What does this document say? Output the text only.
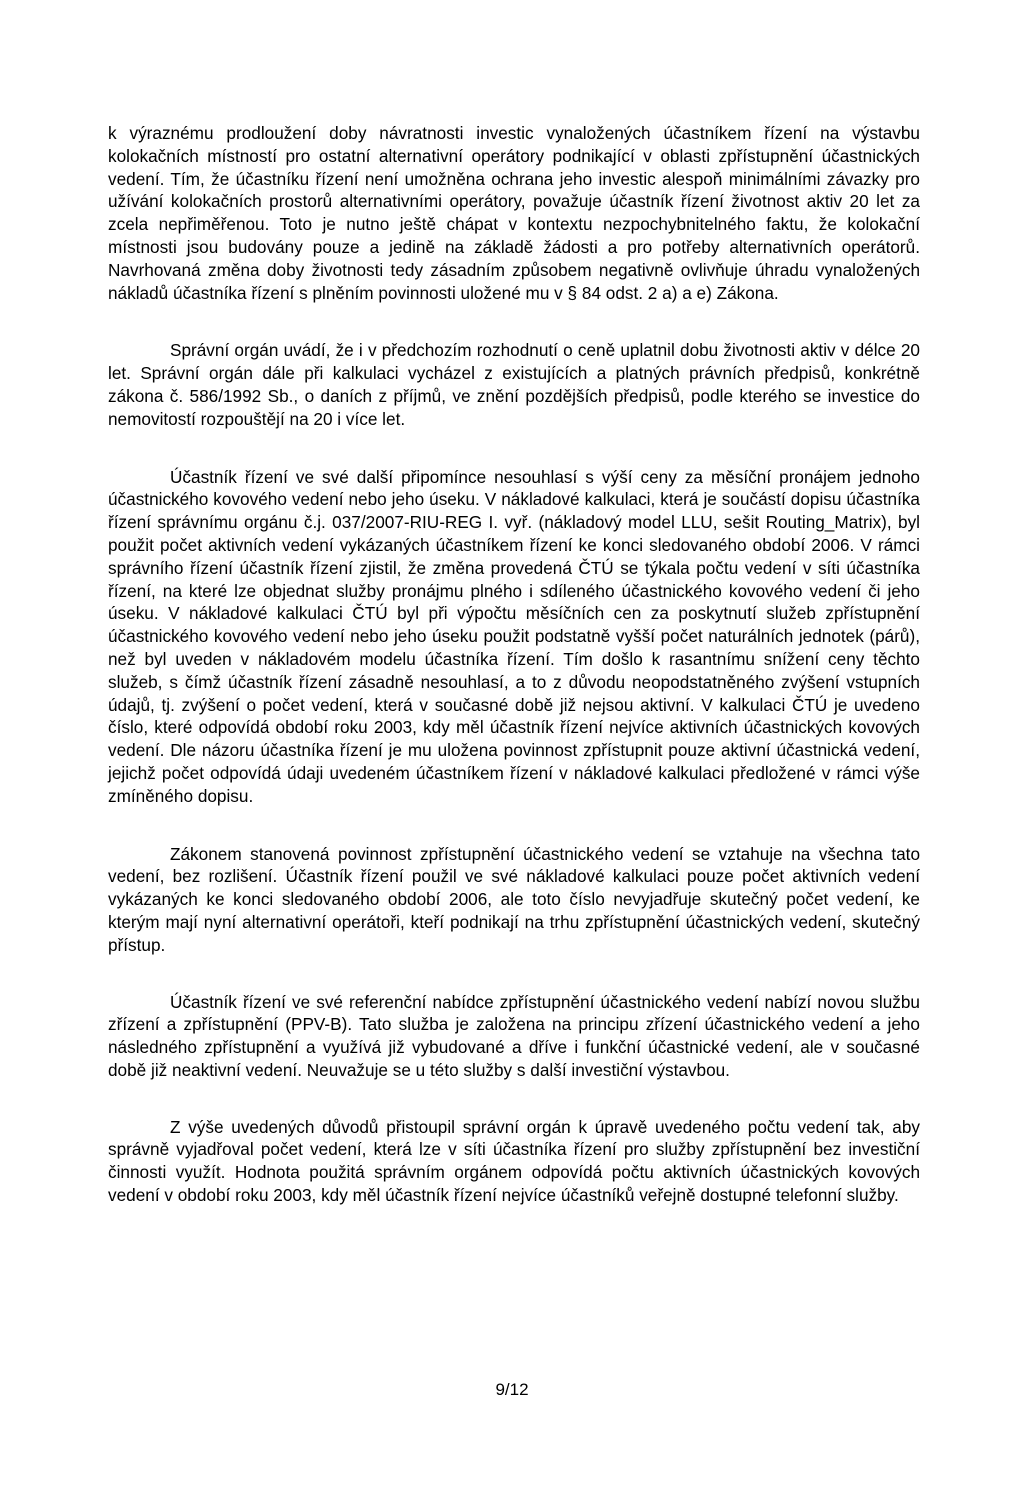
k výraznému prodloužení doby návratnosti investic vynaložených účastníkem řízení na výstavbu kolokačních místností pro ostatní alternativní operátory podnikající v oblasti zpřístupnění účastnických vedení. Tím, že účastníku řízení není umožněna ochrana jeho investic alespoň minimálními závazky pro užívání kolokačních prostorů alternativními operátory, považuje účastník řízení životnost aktiv 20 let za zcela nepřiměřenou. Toto je nutno ještě chápat v kontextu nezpochybnitelného faktu, že kolokační místnosti jsou budovány pouze a jedině na základě žádosti a pro potřeby alternativních operátorů. Navrhovaná změna doby životnosti tedy zásadním způsobem negativně ovlivňuje úhradu vynaložených nákladů účastníka řízení s plněním povinnosti uložené mu v § 84 odst. 2 a) a e) Zákona.

Správní orgán uvádí, že i v předchozím rozhodnutí o ceně uplatnil dobu životnosti aktiv v délce 20 let. Správní orgán dále při kalkulaci vycházel z existujících a platných právních předpisů, konkrétně zákona č. 586/1992 Sb., o daních z příjmů, ve znění pozdějších předpisů, podle kterého se investice do nemovitostí rozpouštějí na 20 i více let.

Účastník řízení ve své další připomínce nesouhlasí s výší ceny za měsíční pronájem jednoho účastnického kovového vedení nebo jeho úseku. V nákladové kalkulaci, která je součástí dopisu účastníka řízení správnímu orgánu č.j. 037/2007-RIU-REG I. vyř. (nákladový model LLU, sešit Routing_Matrix), byl použit počet aktivních vedení vykázaných účastníkem řízení ke konci sledovaného období 2006. V rámci správního řízení účastník řízení zjistil, že změna provedená ČTÚ se týkala počtu vedení v síti účastníka řízení, na které lze objednat služby pronájmu plného i sdíleného účastnického kovového vedení či jeho úseku. V nákladové kalkulaci ČTÚ byl při výpočtu měsíčních cen za poskytnutí služeb zpřístupnění účastnického kovového vedení nebo jeho úseku použit podstatně vyšší počet naturálních jednotek (párů), než byl uveden v nákladovém modelu účastníka řízení. Tím došlo k rasantnímu snížení ceny těchto služeb, s čímž účastník řízení zásadně nesouhlasí, a to z důvodu neopodstatněného zvýšení vstupních údajů, tj. zvýšení o počet vedení, která v současné době již nejsou aktivní. V kalkulaci ČTÚ je uvedeno číslo, které odpovídá období roku 2003, kdy měl účastník řízení nejvíce aktivních účastnických kovových vedení. Dle názoru účastníka řízení je mu uložena povinnost zpřístupnit pouze aktivní účastnická vedení, jejichž počet odpovídá údaji uvedeném účastníkem řízení v nákladové kalkulaci předložené v rámci výše zmíněného dopisu.

Zákonem stanovená povinnost zpřístupnění účastnického vedení se vztahuje na všechna tato vedení, bez rozlišení. Účastník řízení použil ve své nákladové kalkulaci pouze počet aktivních vedení vykázaných ke konci sledovaného období 2006, ale toto číslo nevyjadřuje skutečný počet vedení, ke kterým mají nyní alternativní operátoři, kteří podnikají na trhu zpřístupnění účastnických vedení, skutečný přístup.

Účastník řízení ve své referenční nabídce zpřístupnění účastnického vedení nabízí novou službu zřízení a zpřístupnění (PPV-B). Tato služba je založena na principu zřízení účastnického vedení a jeho následného zpřístupnění a využívá již vybudované a dříve i funkční účastnické vedení, ale v současné době již neaktivní vedení. Neuvažuje se u této služby s další investiční výstavbou.

Z výše uvedených důvodů přistoupil správní orgán k úpravě uvedeného počtu vedení tak, aby správně vyjadřoval počet vedení, která lze v síti účastníka řízení pro služby zpřístupnění bez investiční činnosti využít. Hodnota použitá správním orgánem odpovídá počtu aktivních účastnických kovových vedení v období roku 2003, kdy měl účastník řízení nejvíce účastníků veřejně dostupné telefonní služby.

9/12
